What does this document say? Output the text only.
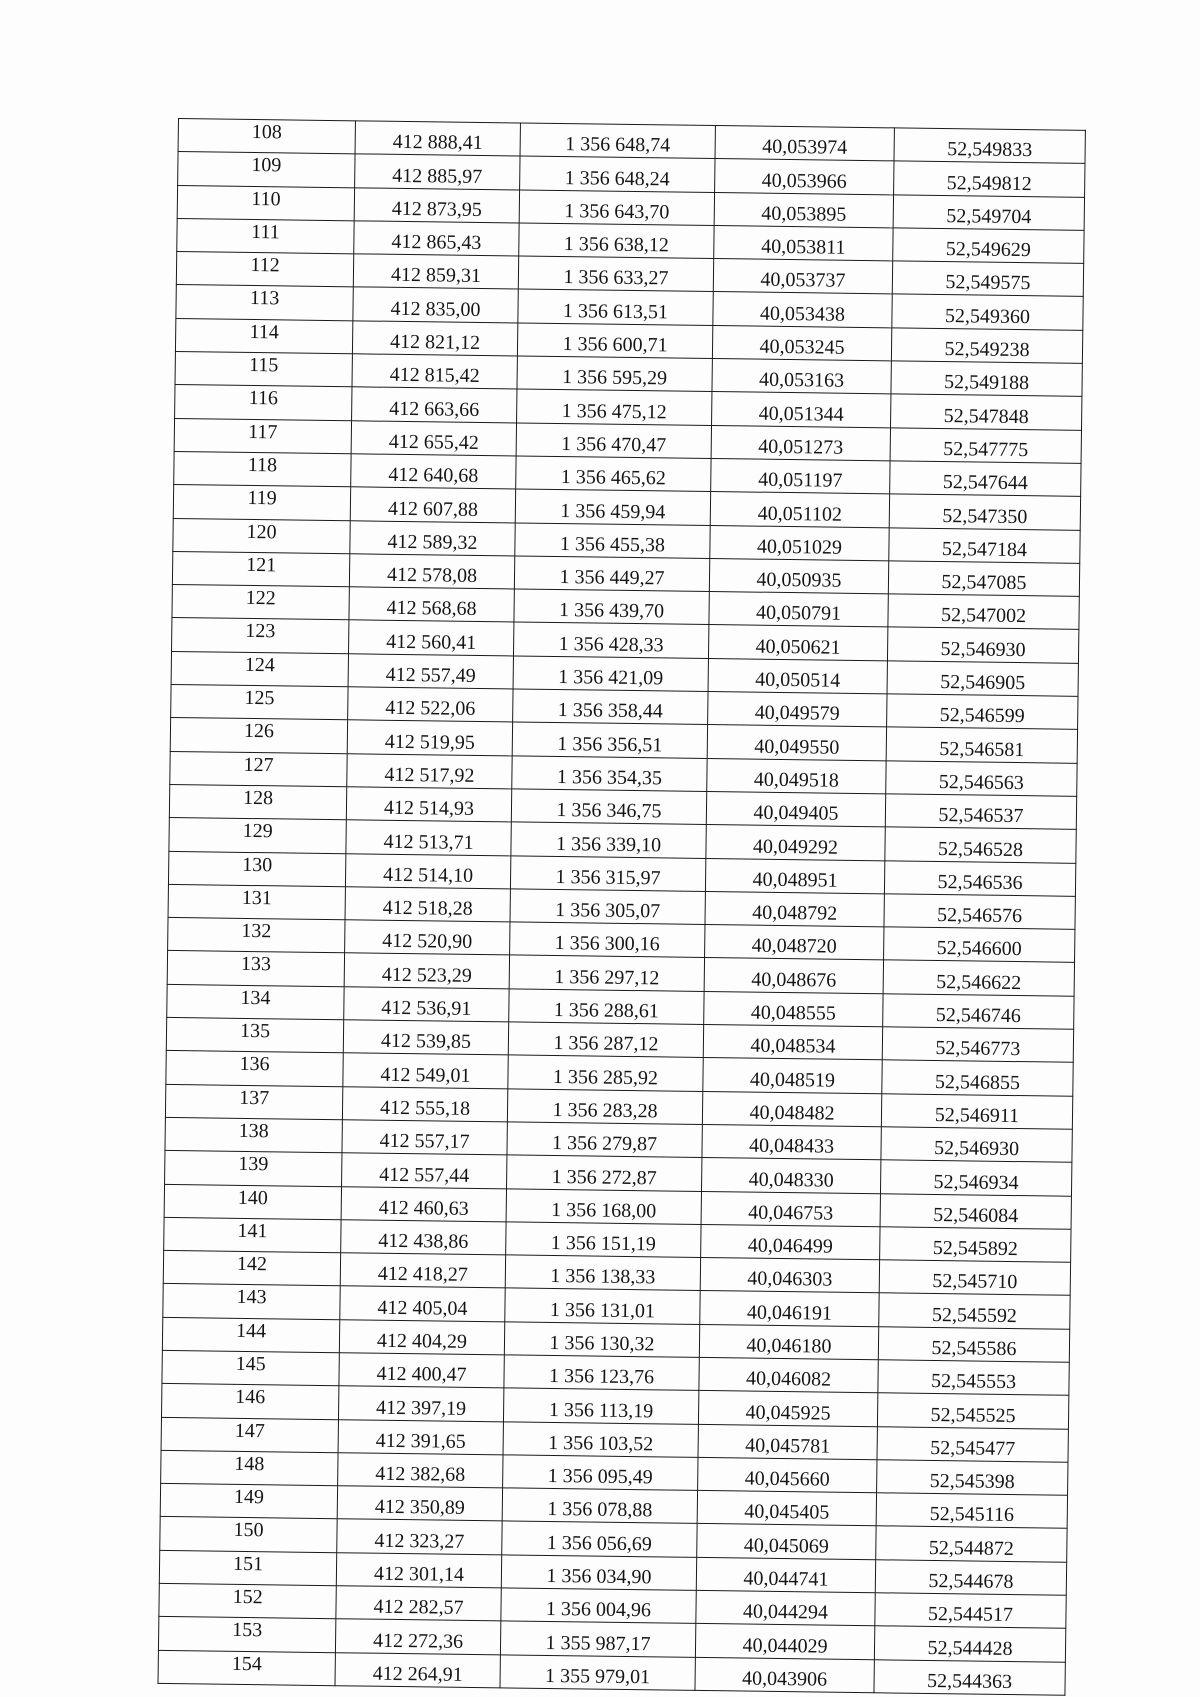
108	412 888,41	1 356 648,74	40,053974	52,549833
109	412 885,97	1 356 648,24	40,053966	52,549812
110	412 873,95	1 356 643,70	40,053895	52,549704
111	412 865,43	1 356 638,12	40,053811	52,549629
112	412 859,31	1 356 633,27	40,053737	52,549575
113	412 835,00	1 356 613,51	40,053438	52,549360
114	412 821,12	1 356 600,71	40,053245	52,549238
115	412 815,42	1 356 595,29	40,053163	52,549188
116	412 663,66	1 356 475,12	40,051344	52,547848
117	412 655,42	1 356 470,47	40,051273	52,547775
118	412 640,68	1 356 465,62	40,051197	52,547644
119	412 607,88	1 356 459,94	40,051102	52,547350
120	412 589,32	1 356 455,38	40,051029	52,547184
121	412 578,08	1 356 449,27	40,050935	52,547085
122	412 568,68	1 356 439,70	40,050791	52,547002
123	412 560,41	1 356 428,33	40,050621	52,546930
124	412 557,49	1 356 421,09	40,050514	52,546905
125	412 522,06	1 356 358,44	40,049579	52,546599
126	412 519,95	1 356 356,51	40,049550	52,546581
127	412 517,92	1 356 354,35	40,049518	52,546563
128	412 514,93	1 356 346,75	40,049405	52,546537
129	412 513,71	1 356 339,10	40,049292	52,546528
130	412 514,10	1 356 315,97	40,048951	52,546536
131	412 518,28	1 356 305,07	40,048792	52,546576
132	412 520,90	1 356 300,16	40,048720	52,546600
133	412 523,29	1 356 297,12	40,048676	52,546622
134	412 536,91	1 356 288,61	40,048555	52,546746
135	412 539,85	1 356 287,12	40,048534	52,546773
136	412 549,01	1 356 285,92	40,048519	52,546855
137	412 555,18	1 356 283,28	40,048482	52,546911
138	412 557,17	1 356 279,87	40,048433	52,546930
139	412 557,44	1 356 272,87	40,048330	52,546934
140	412 460,63	1 356 168,00	40,046753	52,546084
141	412 438,86	1 356 151,19	40,046499	52,545892
142	412 418,27	1 356 138,33	40,046303	52,545710
143	412 405,04	1 356 131,01	40,046191	52,545592
144	412 404,29	1 356 130,32	40,046180	52,545586
145	412 400,47	1 356 123,76	40,046082	52,545553
146	412 397,19	1 356 113,19	40,045925	52,545525
147	412 391,65	1 356 103,52	40,045781	52,545477
148	412 382,68	1 356 095,49	40,045660	52,545398
149	412 350,89	1 356 078,88	40,045405	52,545116
150	412 323,27	1 356 056,69	40,045069	52,544872
151	412 301,14	1 356 034,90	40,044741	52,544678
152	412 282,57	1 356 004,96	40,044294	52,544517
153	412 272,36	1 355 987,17	40,044029	52,544428
154	412 264,91	1 355 979,01	40,043906	52,544363
